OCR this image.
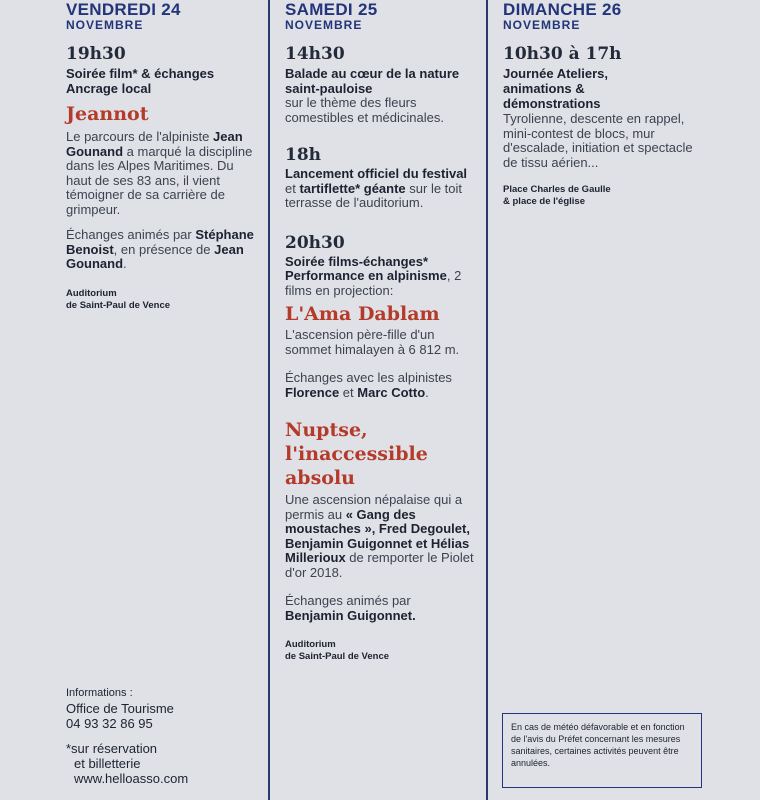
VENDREDI 24
NOVEMBRE
19h30
Soirée film* & échanges
Ancrage local
Jeannot
Le parcours de l'alpiniste Jean Gounand a marqué la discipline dans les Alpes Maritimes. Du haut de ses 83 ans, il vient témoigner de sa carrière de grimpeur.
Échanges animés par Stéphane Benoist, en présence de Jean Gounand.
Auditorium
de Saint-Paul de Vence
SAMEDI 25
NOVEMBRE
14h30
Balade au cœur de la nature saint-pauloise
sur le thème des fleurs comestibles et médicinales.
18h
Lancement officiel du festival et tartiflette* géante sur le toit terrasse de l'auditorium.
20h30
Soirée films-échanges* Performance en alpinisme, 2 films en projection:
L'Ama Dablam
L'ascension père-fille d'un sommet himalayen à 6 812 m.
Échanges avec les alpinistes Florence et Marc Cotto.
Nuptse, l'inaccessible absolu
Une ascension népalaise qui a permis au « Gang des moustaches », Fred Degoulet, Benjamin Guigonnet et Hélias Millerioux de remporter le Piolet d'or 2018.
Échanges animés par
Benjamin Guigonnet.
Auditorium
de Saint-Paul de Vence
DIMANCHE 26
NOVEMBRE
10h30 à 17h
Journée Ateliers, animations & démonstrations
Tyrolienne, descente en rappel, mini-contest de blocs, mur d'escalade, initiation et spectacle de tissu aérien...
Place Charles de Gaulle
& place de l'église
Informations :
Office de Tourisme
04 93 32 86 95
*sur réservation
et billetterie
www.helloasso.com
En cas de météo défavorable et en fonction de l'avis du Préfet concernant les mesures sanitaires, certaines activités peuvent être annulées.
